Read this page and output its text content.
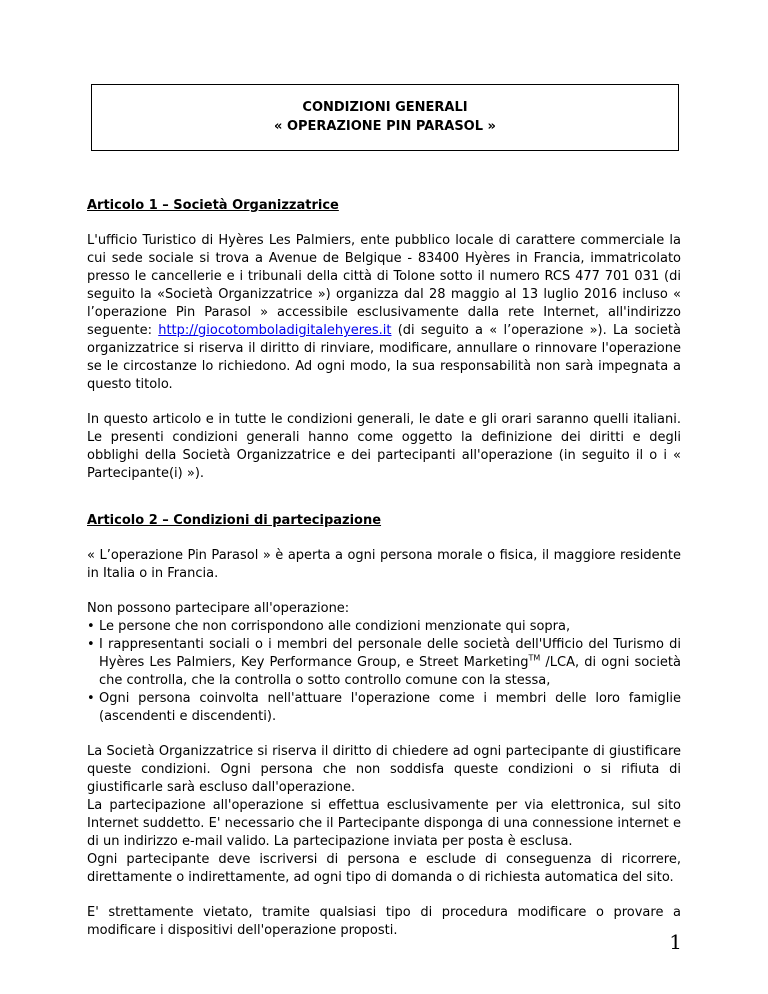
CONDIZIONI GENERALI
« OPERAZIONE PIN PARASOL »
Articolo 1 – Società Organizzatrice

L'ufficio Turistico di Hyères Les Palmiers, ente pubblico locale di carattere commerciale la cui sede sociale si trova a Avenue de Belgique - 83400 Hyères in Francia, immatricolato presso le cancellerie e i tribunali della città di Tolone sotto il numero RCS 477 701 031 (di seguito la «Società Organizzatrice ») organizza dal 28 maggio al 13 luglio 2016 incluso « l’operazione Pin Parasol » accessibile esclusivamente dalla rete Internet, all'indirizzo seguente: http://giocotomboladigitalehyeres.it (di seguito a « l’operazione »). La società organizzatrice si riserva il diritto di rinviare, modificare, annullare o rinnovare l'operazione se le circostanze lo richiedono. Ad ogni modo, la sua responsabilità non sarà impegnata a questo titolo.

In questo articolo e in tutte le condizioni generali, le date e gli orari saranno quelli italiani. Le presenti condizioni generali hanno come oggetto la definizione dei diritti e degli obblighi della Società Organizzatrice e dei partecipanti all'operazione (in seguito il o i « Partecipante(i) »).

Articolo 2 – Condizioni di partecipazione

« L’operazione Pin Parasol » è aperta a ogni persona morale o fisica, il maggiore residente in Italia o in Francia.

Non possono partecipare all'operazione:

• Le persone che non corrispondono alle condizioni menzionate qui sopra,
• I rappresentanti sociali o i membri del personale delle società dell'Ufficio del Turismo di Hyères Les Palmiers, Key Performance Group, e Street Marketing™ /LCA, di ogni società che controlla, che la controlla o sotto controllo comune con la stessa,
• Ogni persona coinvolta nell'attuare l'operazione come i membri delle loro famiglie (ascendenti e discendenti).

La Società Organizzatrice si riserva il diritto di chiedere ad ogni partecipante di giustificare queste condizioni. Ogni persona che non soddisfa queste condizioni o si rifiuta di giustificarle sarà escluso dall'operazione.

La partecipazione all'operazione si effettua esclusivamente per via elettronica, sul sito Internet suddetto. E' necessario che il Partecipante disponga di una connessione internet e di un indirizzo e-mail valido. La partecipazione inviata per posta è esclusa.

Ogni partecipante deve iscriversi di persona e esclude di conseguenza di ricorrere, direttamente o indirettamente, ad ogni tipo di domanda o di richiesta automatica del sito.

E' strettamente vietato, tramite qualsiasi tipo di procedura modificare o provare a modificare i dispositivi dell'operazione proposti.	1
